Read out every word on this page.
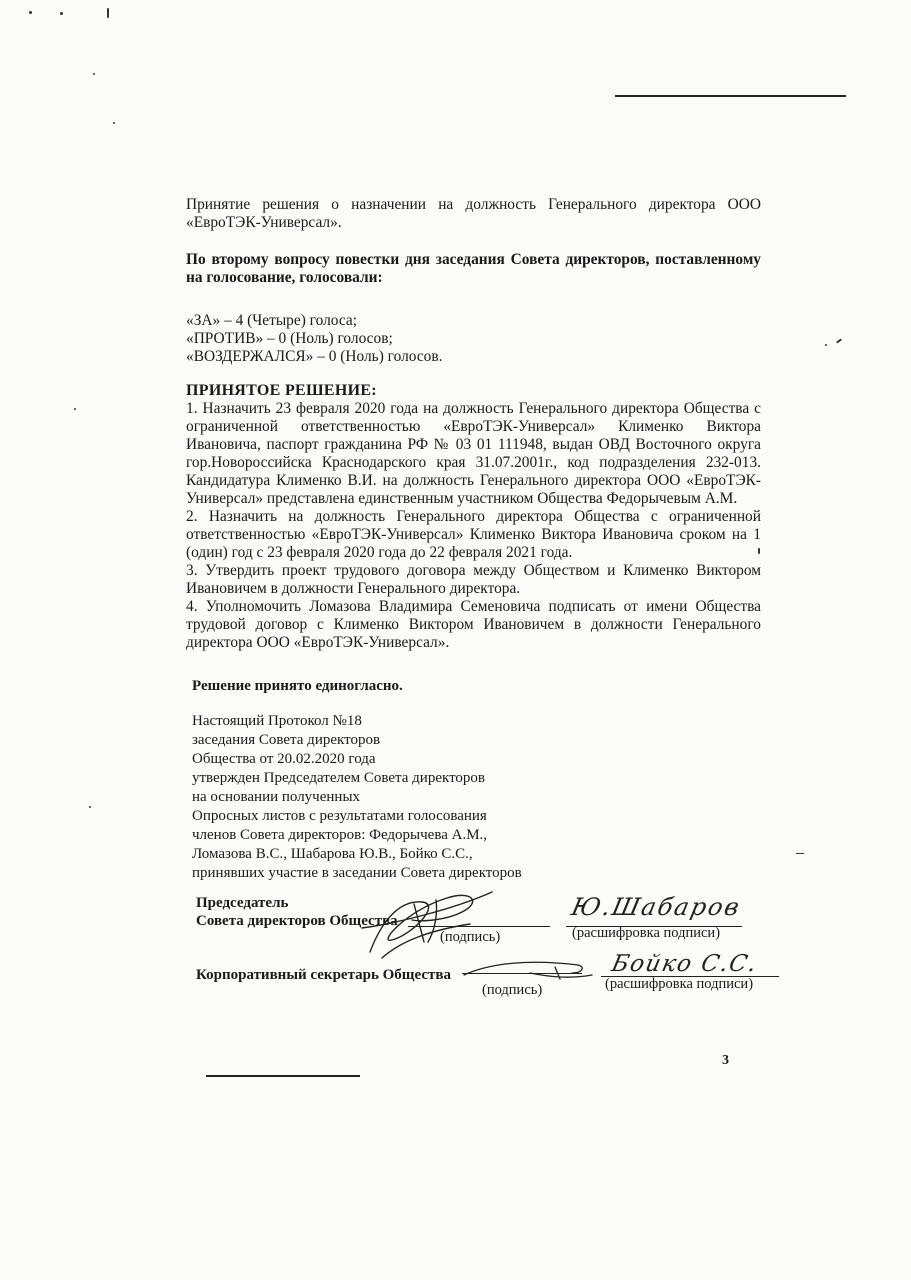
Принятие решения о назначении на должность Генерального директора ООО «ЕвроТЭК-Универсал».

По второму вопросу повестки дня заседания Совета директоров, поставленному на голосование, голосовали:

«ЗА» – 4 (Четыре) голоса;
«ПРОТИВ» – 0 (Ноль) голосов;
«ВОЗДЕРЖАЛСЯ» – 0 (Ноль) голосов.

ПРИНЯТОЕ РЕШЕНИЕ:

1. Назначить 23 февраля 2020 года на должность Генерального директора Общества с ограниченной ответственностью «ЕвроТЭК-Универсал» Клименко Виктора Ивановича, паспорт гражданина РФ № 03 01 111948, выдан ОВД Восточного округа гор.Новороссийска Краснодарского края 31.07.2001г., код подразделения 232-013. Кандидатура Клименко В.И. на должность Генерального директора ООО «ЕвроТЭК-Универсал» представлена единственным участником Общества Федорычевым А.М.

2. Назначить на должность Генерального директора Общества с ограниченной ответственностью «ЕвроТЭК-Универсал» Клименко Виктора Ивановича сроком на 1 (один) год с 23 февраля 2020 года до 22 февраля 2021 года.

3. Утвердить проект трудового договора между Обществом и Клименко Виктором Ивановичем в должности Генерального директора.

4. Уполномочить Ломазова Владимира Семеновича подписать от имени Общества трудовой договор с Клименко Виктором Ивановичем в должности Генерального директора ООО «ЕвроТЭК-Универсал».

Решение принято единогласно.
Настоящий Протокол №18
заседания Совета директоров
Общества от 20.02.2020 года
утвержден Председателем Совета директоров
на основании полученных
Опросных листов с результатами голосования
членов Совета директоров: Федорычева А.М.,
Ломазова В.С., Шабарова Ю.В., Бойко С.С.,
принявших участие в заседании Совета директоров
Председатель
Совета директоров Общества
(подпись)	(расшифровка подписи)
Ю.Шабаров
Корпоративный секретарь Общества
(подпись)	(расшифровка подписи)
Бойко С.С.
3
